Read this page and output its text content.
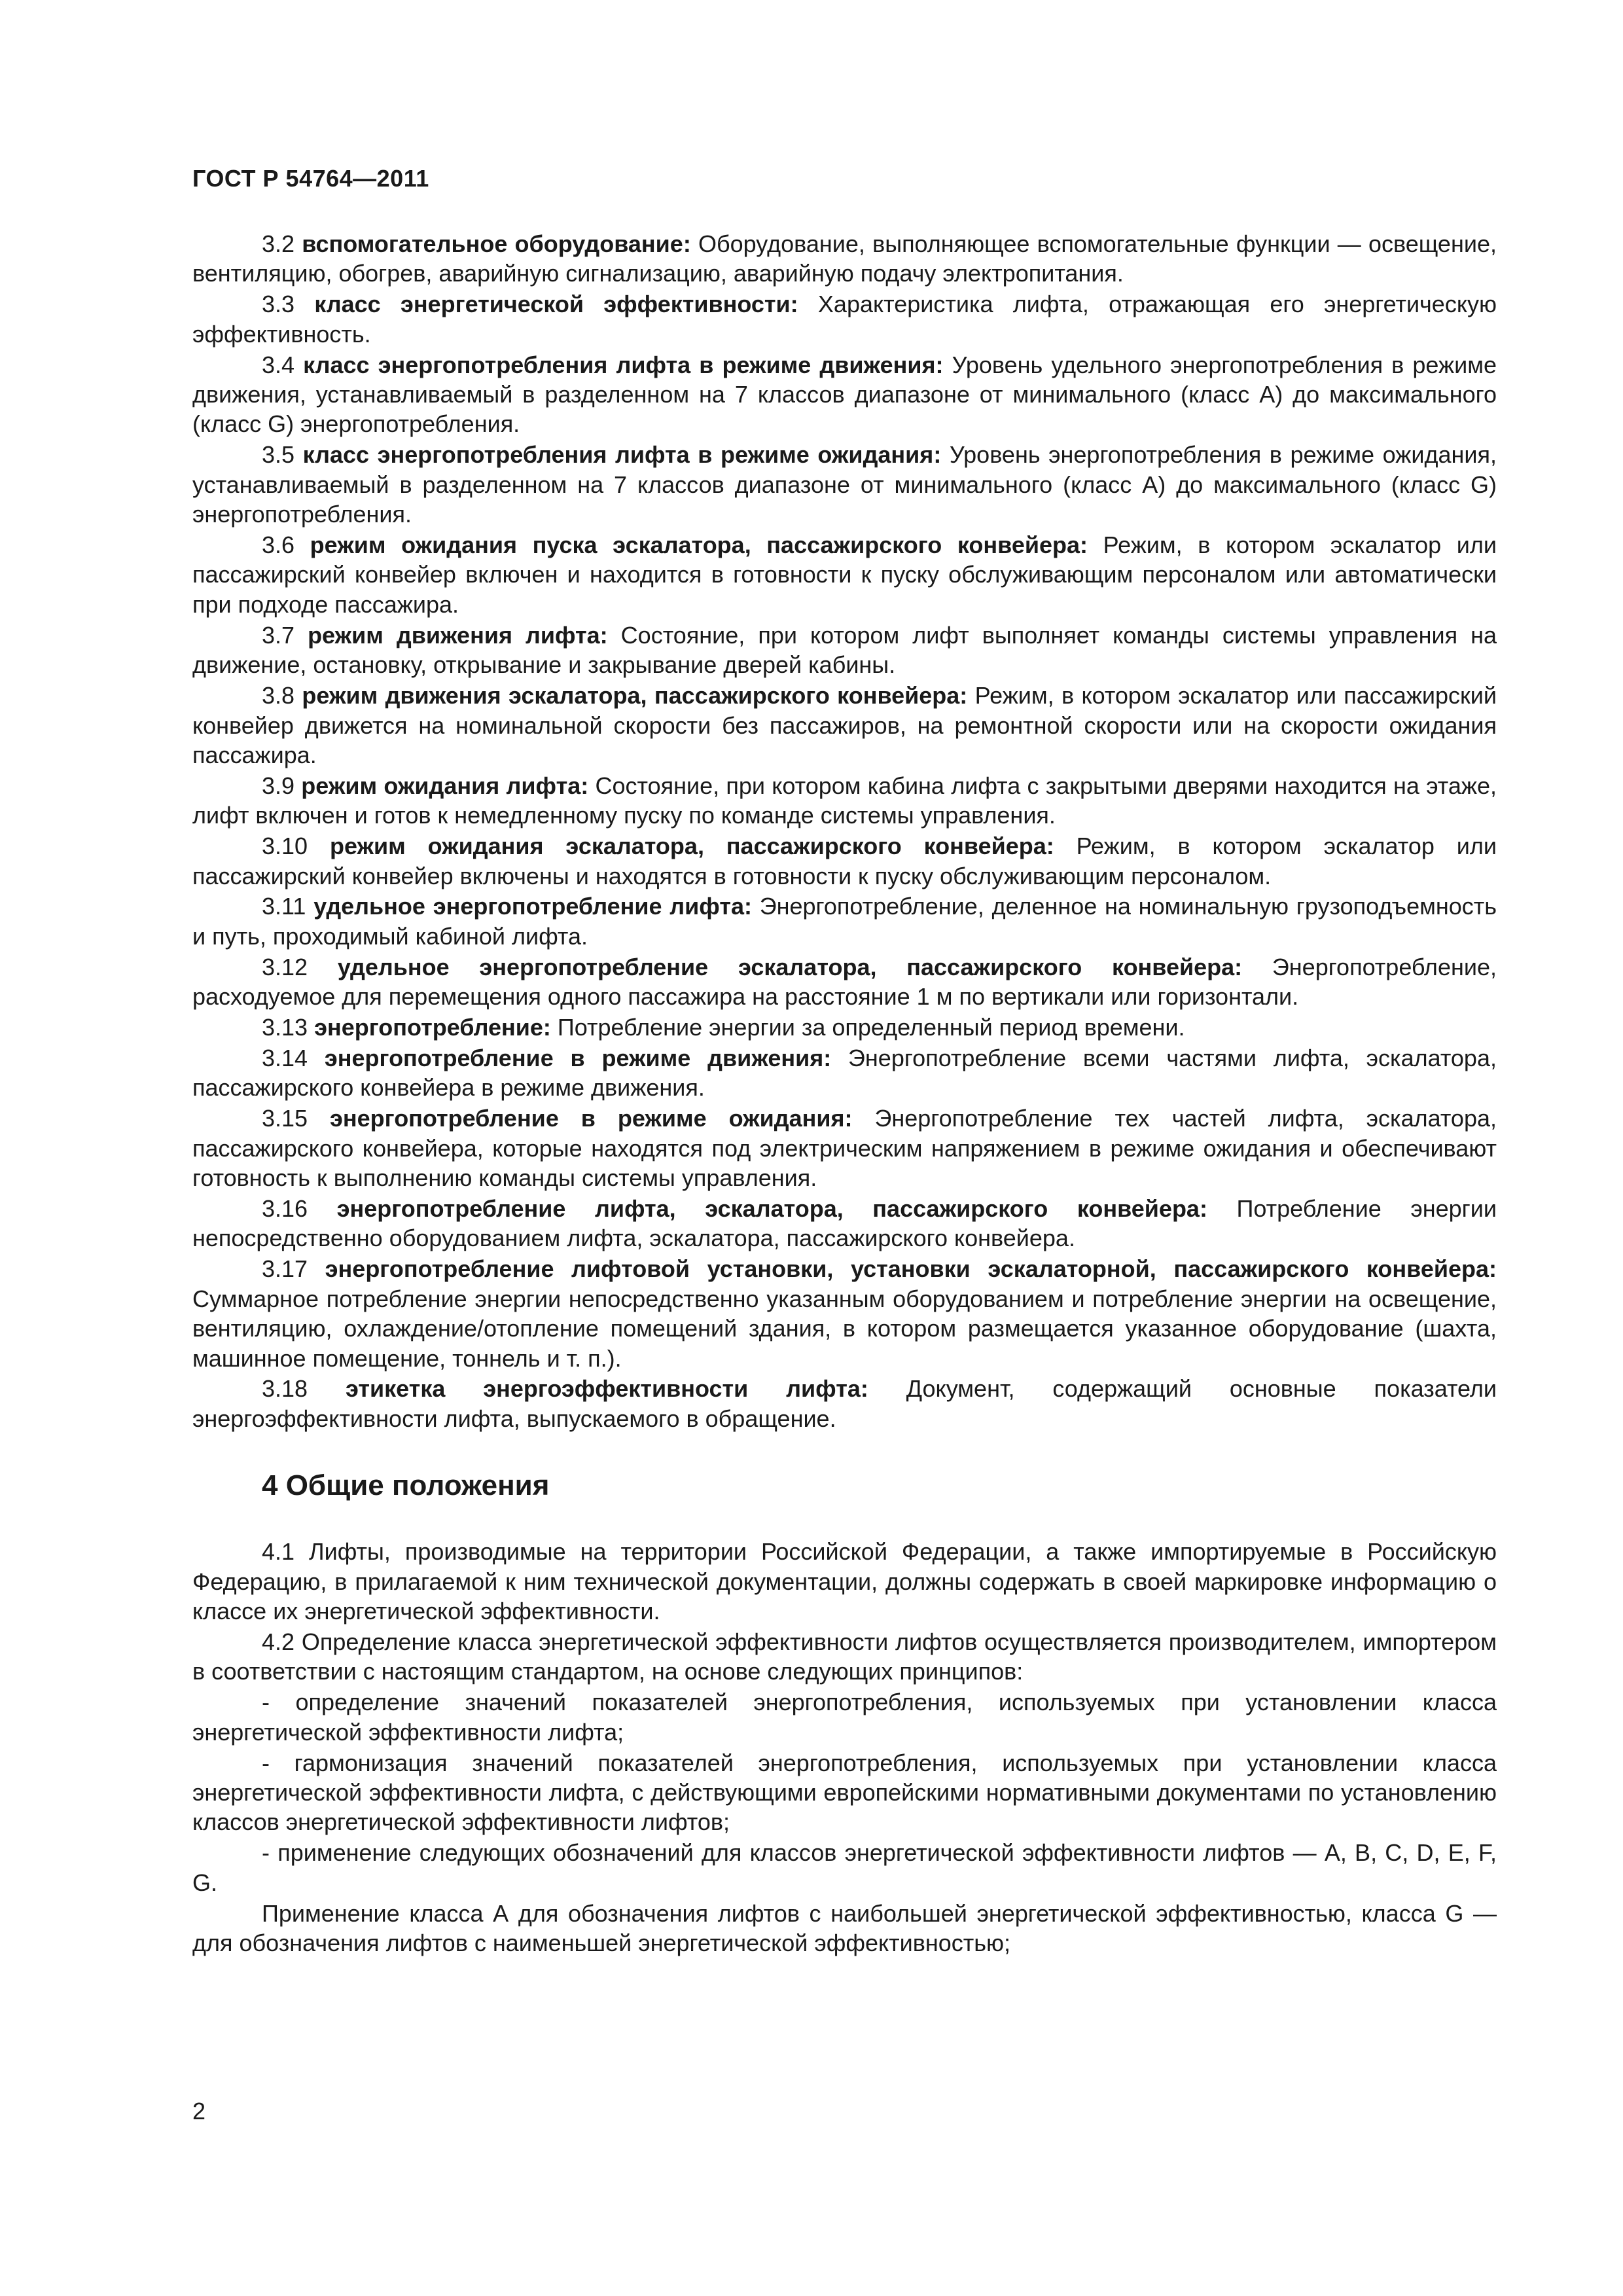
ГОСТ Р 54764—2011

3.2 вспомогательное оборудование: Оборудование, выполняющее вспомогательные функции — освещение, вентиляцию, обогрев, аварийную сигнализацию, аварийную подачу электропитания.

3.3 класс энергетической эффективности: Характеристика лифта, отражающая его энергетическую эффективность.

3.4 класс энергопотребления лифта в режиме движения: Уровень удельного энергопотребления в режиме движения, устанавливаемый в разделенном на 7 классов диапазоне от минимального (класс А) до максимального (класс G) энергопотребления.

3.5 класс энергопотребления лифта в режиме ожидания: Уровень энергопотребления в режиме ожидания, устанавливаемый в разделенном на 7 классов диапазоне от минимального (класс А) до максимального (класс G) энергопотребления.

3.6 режим ожидания пуска эскалатора, пассажирского конвейера: Режим, в котором эскалатор или пассажирский конвейер включен и находится в готовности к пуску обслуживающим персоналом или автоматически при подходе пассажира.

3.7 режим движения лифта: Состояние, при котором лифт выполняет команды системы управления на движение, остановку, открывание и закрывание дверей кабины.

3.8 режим движения эскалатора, пассажирского конвейера: Режим, в котором эскалатор или пассажирский конвейер движется на номинальной скорости без пассажиров, на ремонтной скорости или на скорости ожидания пассажира.

3.9 режим ожидания лифта: Состояние, при котором кабина лифта с закрытыми дверями находится на этаже, лифт включен и готов к немедленному пуску по команде системы управления.

3.10 режим ожидания эскалатора, пассажирского конвейера: Режим, в котором эскалатор или пассажирский конвейер включены и находятся в готовности к пуску обслуживающим персоналом.

3.11 удельное энергопотребление лифта: Энергопотребление, деленное на номинальную грузоподъемность и путь, проходимый кабиной лифта.

3.12 удельное энергопотребление эскалатора, пассажирского конвейера: Энергопотребление, расходуемое для перемещения одного пассажира на расстояние 1 м по вертикали или горизонтали.

3.13 энергопотребление: Потребление энергии за определенный период времени.

3.14 энергопотребление в режиме движения: Энергопотребление всеми частями лифта, эскалатора, пассажирского конвейера в режиме движения.

3.15 энергопотребление в режиме ожидания: Энергопотребление тех частей лифта, эскалатора, пассажирского конвейера, которые находятся под электрическим напряжением в режиме ожидания и обеспечивают готовность к выполнению команды системы управления.

3.16 энергопотребление лифта, эскалатора, пассажирского конвейера: Потребление энергии непосредственно оборудованием лифта, эскалатора, пассажирского конвейера.

3.17 энергопотребление лифтовой установки, установки эскалаторной, пассажирского конвейера: Суммарное потребление энергии непосредственно указанным оборудованием и потребление энергии на освещение, вентиляцию, охлаждение/отопление помещений здания, в котором размещается указанное оборудование (шахта, машинное помещение, тоннель и т. п.).

3.18 этикетка энергоэффективности лифта: Документ, содержащий основные показатели энергоэффективности лифта, выпускаемого в обращение.

4 Общие положения

4.1 Лифты, производимые на территории Российской Федерации, а также импортируемые в Российскую Федерацию, в прилагаемой к ним технической документации, должны содержать в своей маркировке информацию о классе их энергетической эффективности.

4.2 Определение класса энергетической эффективности лифтов осуществляется производителем, импортером в соответствии с настоящим стандартом, на основе следующих принципов:

- определение значений показателей энергопотребления, используемых при установлении класса энергетической эффективности лифта;

- гармонизация значений показателей энергопотребления, используемых при установлении класса энергетической эффективности лифта, с действующими европейскими нормативными документами по установлению классов энергетической эффективности лифтов;

- применение следующих обозначений для классов энергетической эффективности лифтов — А, В, С, D, E, F, G.

Применение класса А для обозначения лифтов с наибольшей энергетической эффективностью, класса G — для обозначения лифтов с наименьшей энергетической эффективностью;

2
